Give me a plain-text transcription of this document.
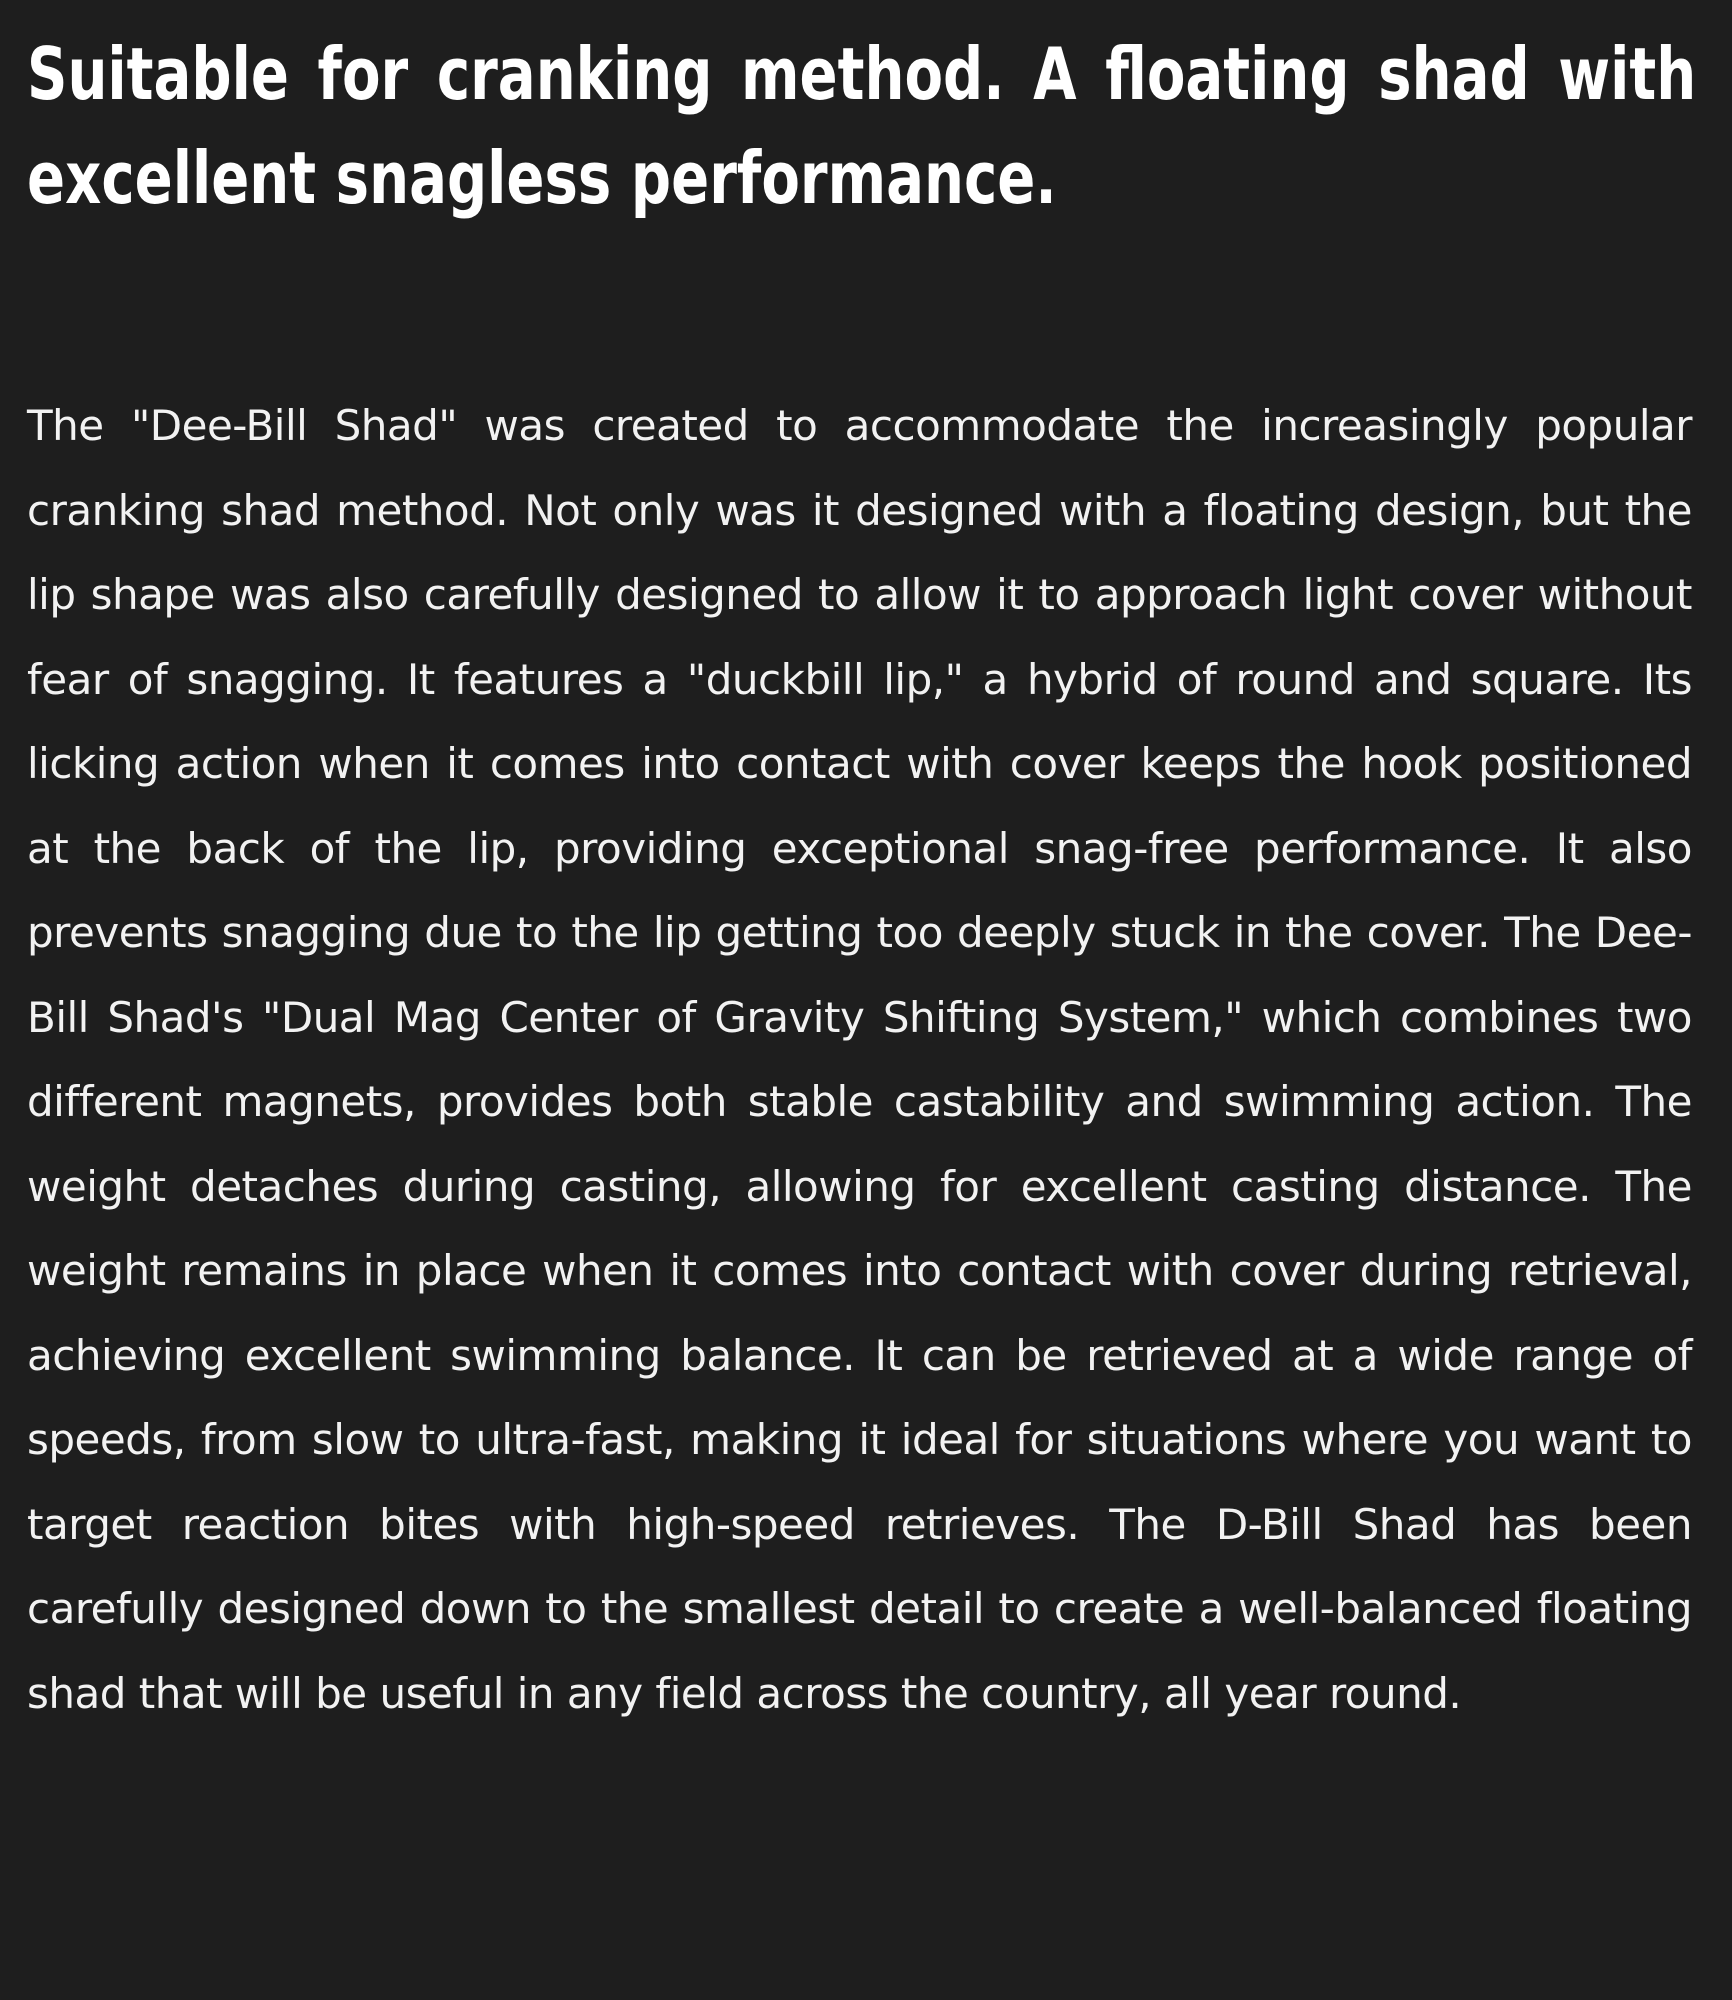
Suitable for cranking method. A floating shad with excellent snagless performance.

The "Dee-Bill Shad" was created to accommodate the increasingly popular cranking shad method. Not only was it designed with a floating design, but the lip shape was also carefully designed to allow it to approach light cover without fear of snagging. It features a "duckbill lip," a hybrid of round and square. Its licking action when it comes into contact with cover keeps the hook positioned at the back of the lip, providing exceptional snag-free performance. It also prevents snagging due to the lip getting too deeply stuck in the cover. The Dee-Bill Shad's "Dual Mag Center of Gravity Shifting System," which combines two different magnets, provides both stable castability and swimming action. The weight detaches during casting, allowing for excellent casting distance. The weight remains in place when it comes into contact with cover during retrieval, achieving excellent swimming balance. It can be retrieved at a wide range of speeds, from slow to ultra-fast, making it ideal for situations where you want to target reaction bites with high-speed retrieves. The D-Bill Shad has been carefully designed down to the smallest detail to create a well-balanced floating shad that will be useful in any field across the country, all year round.
